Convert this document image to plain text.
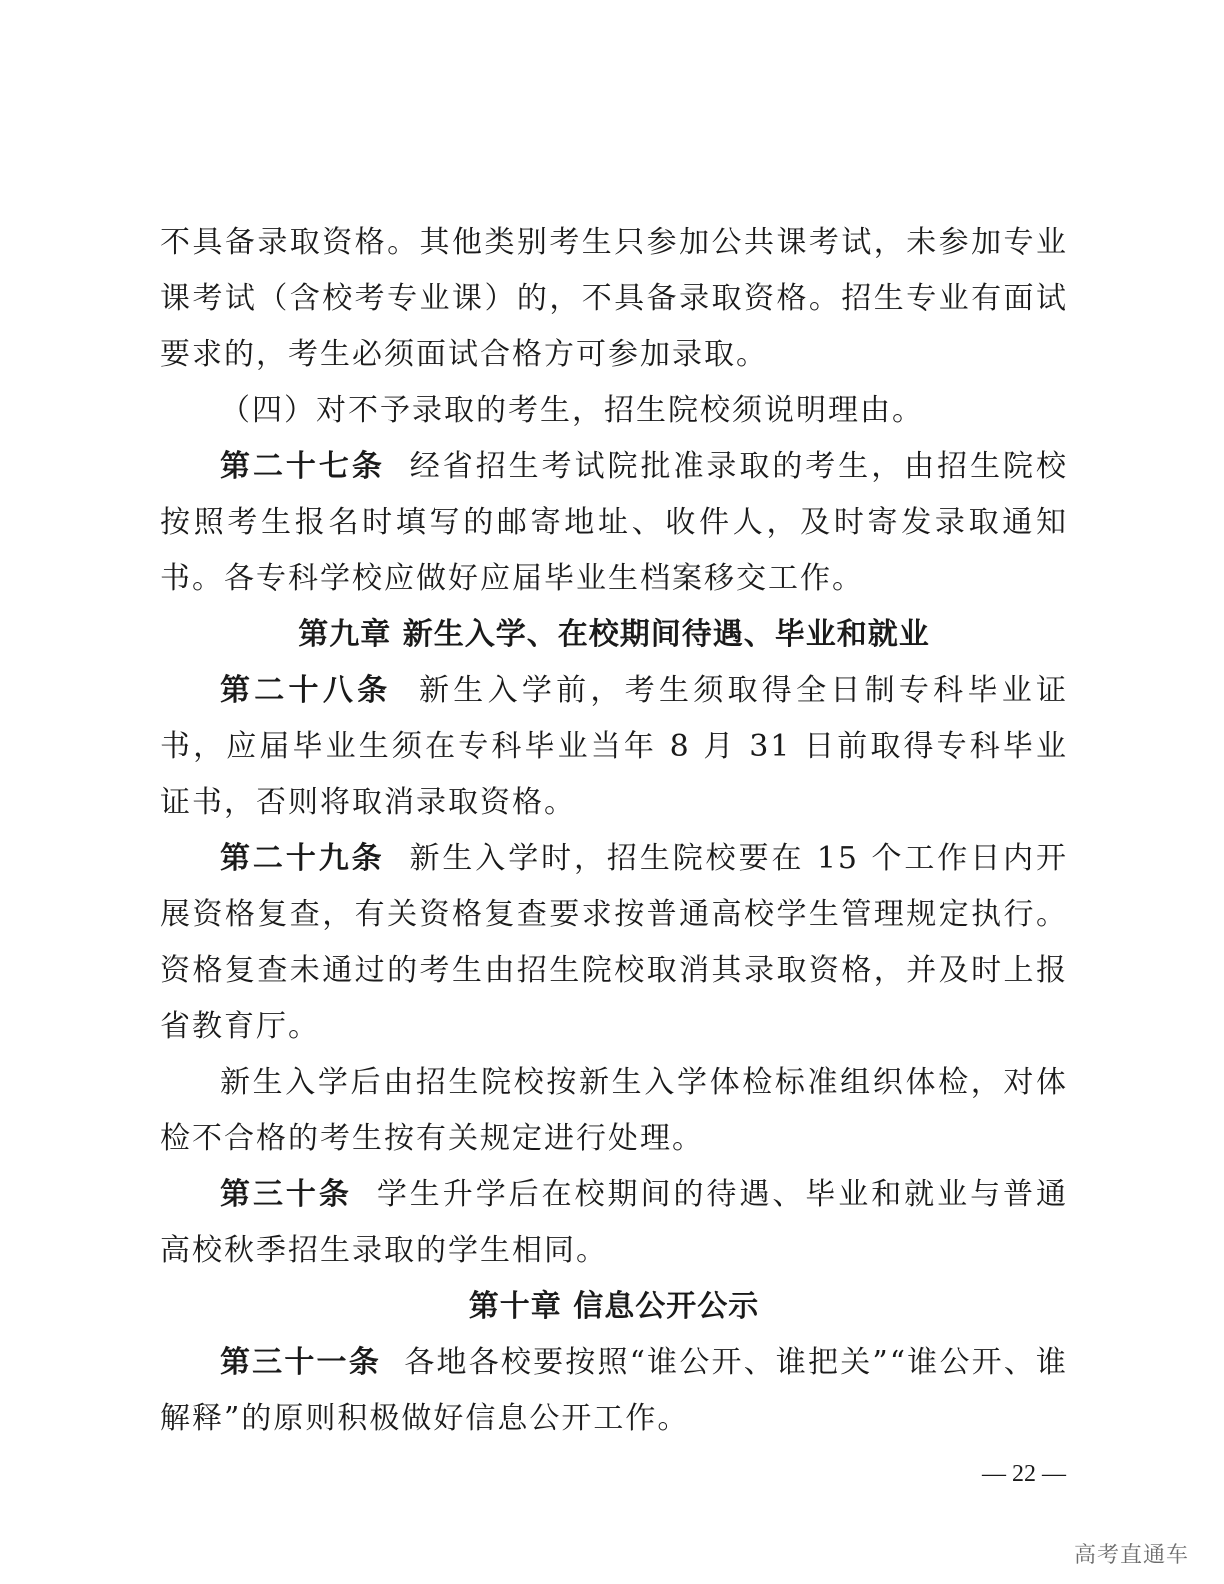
不具备录取资格。其他类别考生只参加公共课考试，未参加专业课考试（含校考专业课）的，不具备录取资格。招生专业有面试要求的，考生必须面试合格方可参加录取。

（四）对不予录取的考生，招生院校须说明理由。

第二十七条 经省招生考试院批准录取的考生，由招生院校按照考生报名时填写的邮寄地址、收件人，及时寄发录取通知书。各专科学校应做好应届毕业生档案移交工作。

第九章 新生入学、在校期间待遇、毕业和就业

第二十八条 新生入学前，考生须取得全日制专科毕业证书，应届毕业生须在专科毕业当年 8 月 31 日前取得专科毕业证书，否则将取消录取资格。

第二十九条 新生入学时，招生院校要在 15 个工作日内开展资格复查，有关资格复查要求按普通高校学生管理规定执行。资格复查未通过的考生由招生院校取消其录取资格，并及时上报省教育厅。

新生入学后由招生院校按新生入学体检标准组织体检，对体检不合格的考生按有关规定进行处理。

第三十条 学生升学后在校期间的待遇、毕业和就业与普通高校秋季招生录取的学生相同。

第十章 信息公开公示

第三十一条 各地各校要按照“谁公开、谁把关”“谁公开、谁解释”的原则积极做好信息公开工作。

— 22 —
高考直通车
